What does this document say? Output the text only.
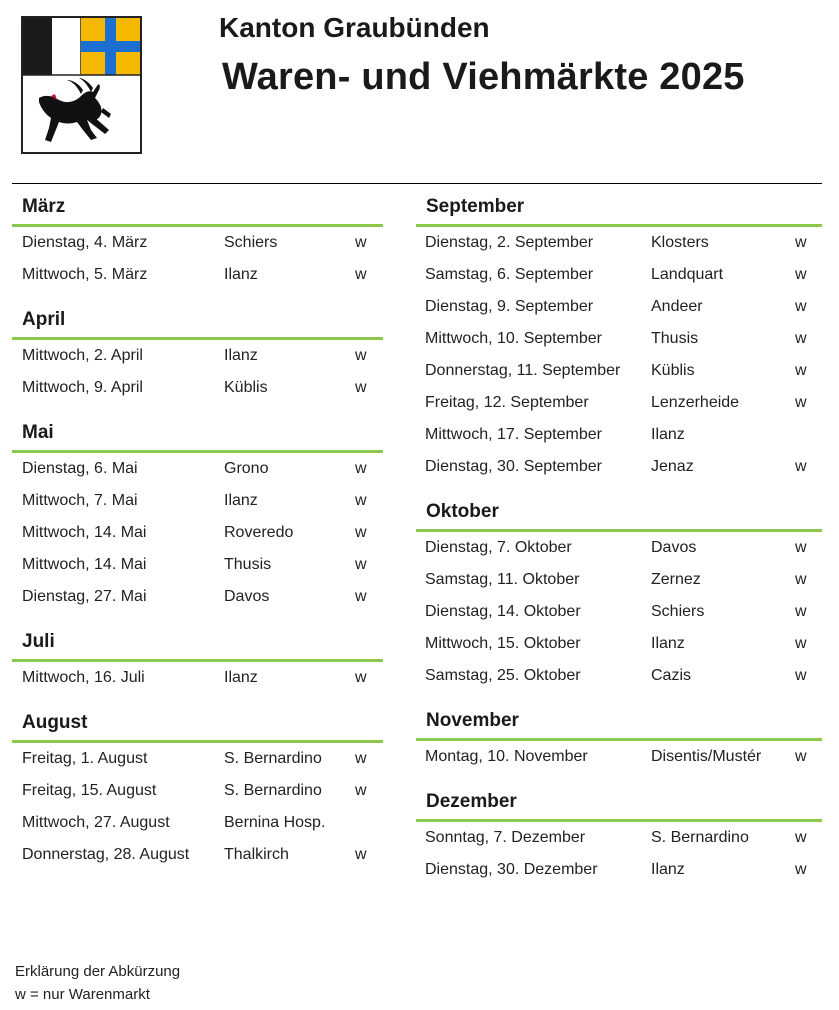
Kanton Graubünden
Waren- und Viehmärkte 2025
März
Dienstag, 4. März	Schiers	w
Mittwoch, 5. März	Ilanz	w
April
Mittwoch, 2. April	Ilanz	w
Mittwoch, 9. April	Küblis	w
Mai
Dienstag, 6. Mai	Grono	w
Mittwoch, 7. Mai	Ilanz	w
Mittwoch, 14. Mai	Roveredo	w
Mittwoch, 14. Mai	Thusis	w
Dienstag, 27. Mai	Davos	w
Juli
Mittwoch, 16. Juli	Ilanz	w
August
Freitag, 1. August	S. Bernardino	w
Freitag, 15. August	S. Bernardino	w
Mittwoch, 27. August	Bernina Hosp.
Donnerstag, 28. August	Thalkirch	w
September
Dienstag, 2. September	Klosters	w
Samstag, 6. September	Landquart	w
Dienstag, 9. September	Andeer	w
Mittwoch, 10. September	Thusis	w
Donnerstag, 11. September	Küblis	w
Freitag, 12. September	Lenzerheide	w
Mittwoch, 17. September	Ilanz
Dienstag, 30. September	Jenaz	w
Oktober
Dienstag, 7. Oktober	Davos	w
Samstag, 11. Oktober	Zernez	w
Dienstag, 14. Oktober	Schiers	w
Mittwoch, 15. Oktober	Ilanz	w
Samstag, 25. Oktober	Cazis	w
November
Montag, 10. November	Disentis/Mustér	w
Dezember
Sonntag, 7. Dezember	S. Bernardino	w
Dienstag, 30. Dezember	Ilanz	w
Erklärung der Abkürzung
w = nur Warenmarkt
